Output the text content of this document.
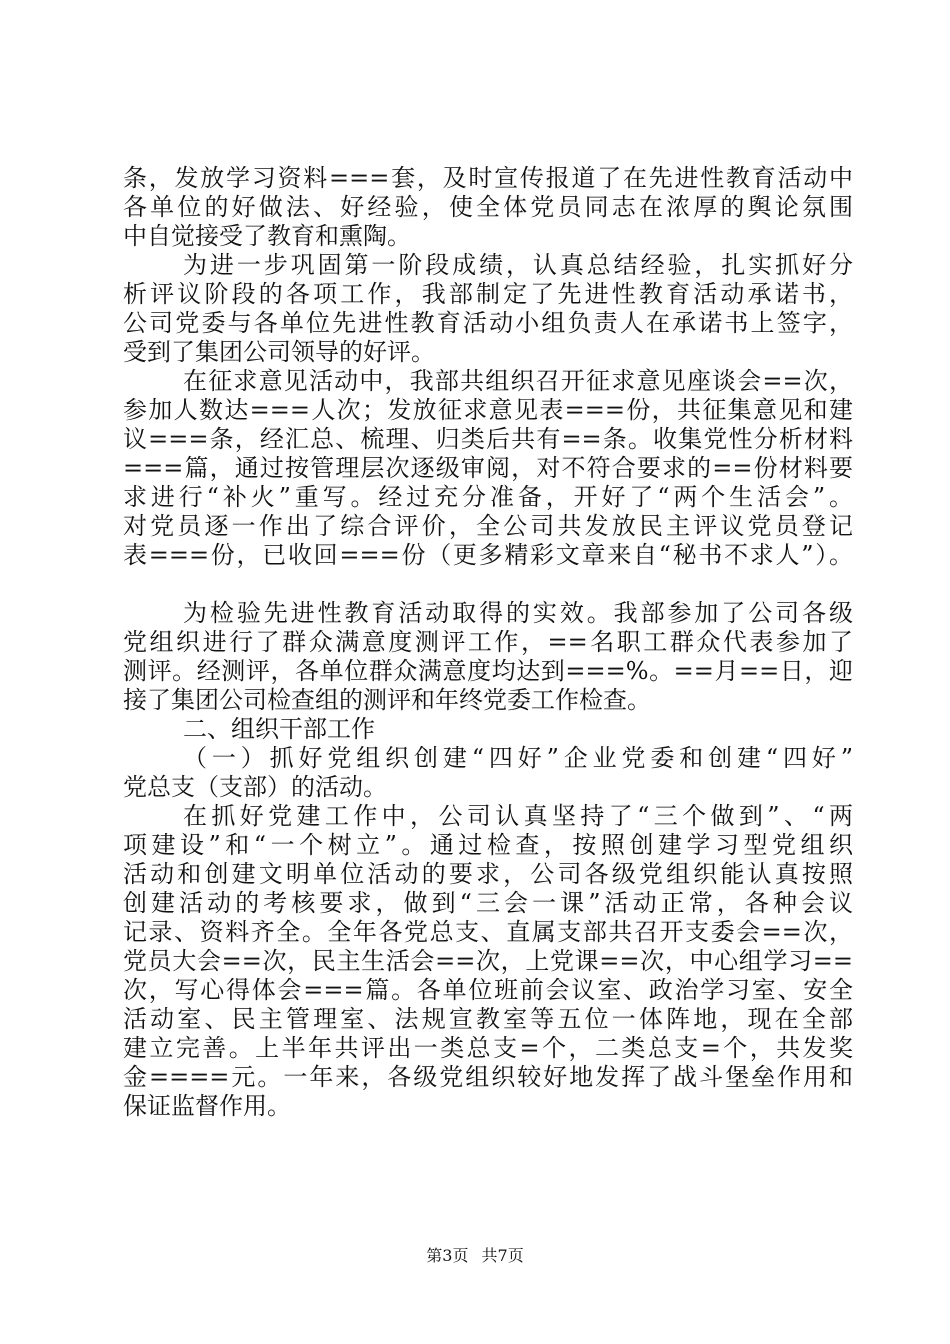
条，发放学习资料===套，及时宣传报道了在先进性教育活动中
各单位的好做法、好经验，使全体党员同志在浓厚的舆论氛围
中自觉接受了教育和熏陶。
为进一步巩固第一阶段成绩，认真总结经验，扎实抓好分
析评议阶段的各项工作，我部制定了先进性教育活动承诺书，
公司党委与各单位先进性教育活动小组负责人在承诺书上签字，
受到了集团公司领导的好评。
在征求意见活动中，我部共组织召开征求意见座谈会==次，
参加人数达===人次；发放征求意见表===份，共征集意见和建
议===条，经汇总、梳理、归类后共有==条。收集党性分析材料
===篇，通过按管理层次逐级审阅，对不符合要求的==份材料要
求进行“补火”重写。经过充分准备，开好了“两个生活会”。
对党员逐一作出了综合评价，全公司共发放民主评议党员登记
表===份，已收回===份（更多精彩文章来自“秘书不求人”）。
为检验先进性教育活动取得的实效。我部参加了公司各级
党组织进行了群众满意度测评工作，==名职工群众代表参加了
测评。经测评，各单位群众满意度均达到===%。==月==日，迎
接了集团公司检查组的测评和年终党委工作检查。
二、组织干部工作
（一）抓好党组织创建“四好”企业党委和创建“四好”
党总支（支部）的活动。
在抓好党建工作中，公司认真坚持了“三个做到”、“两
项建设”和“一个树立”。通过检查，按照创建学习型党组织
活动和创建文明单位活动的要求，公司各级党组织能认真按照
创建活动的考核要求，做到“三会一课”活动正常，各种会议
记录、资料齐全。全年各党总支、直属支部共召开支委会==次，
党员大会==次，民主生活会==次，上党课==次，中心组学习==
次，写心得体会===篇。各单位班前会议室、政治学习室、安全
活动室、民主管理室、法规宣教室等五位一体阵地，现在全部
建立完善。上半年共评出一类总支=个，二类总支=个，共发奖
金====元。一年来，各级党组织较好地发挥了战斗堡垒作用和
保证监督作用。
第3页 共7页
